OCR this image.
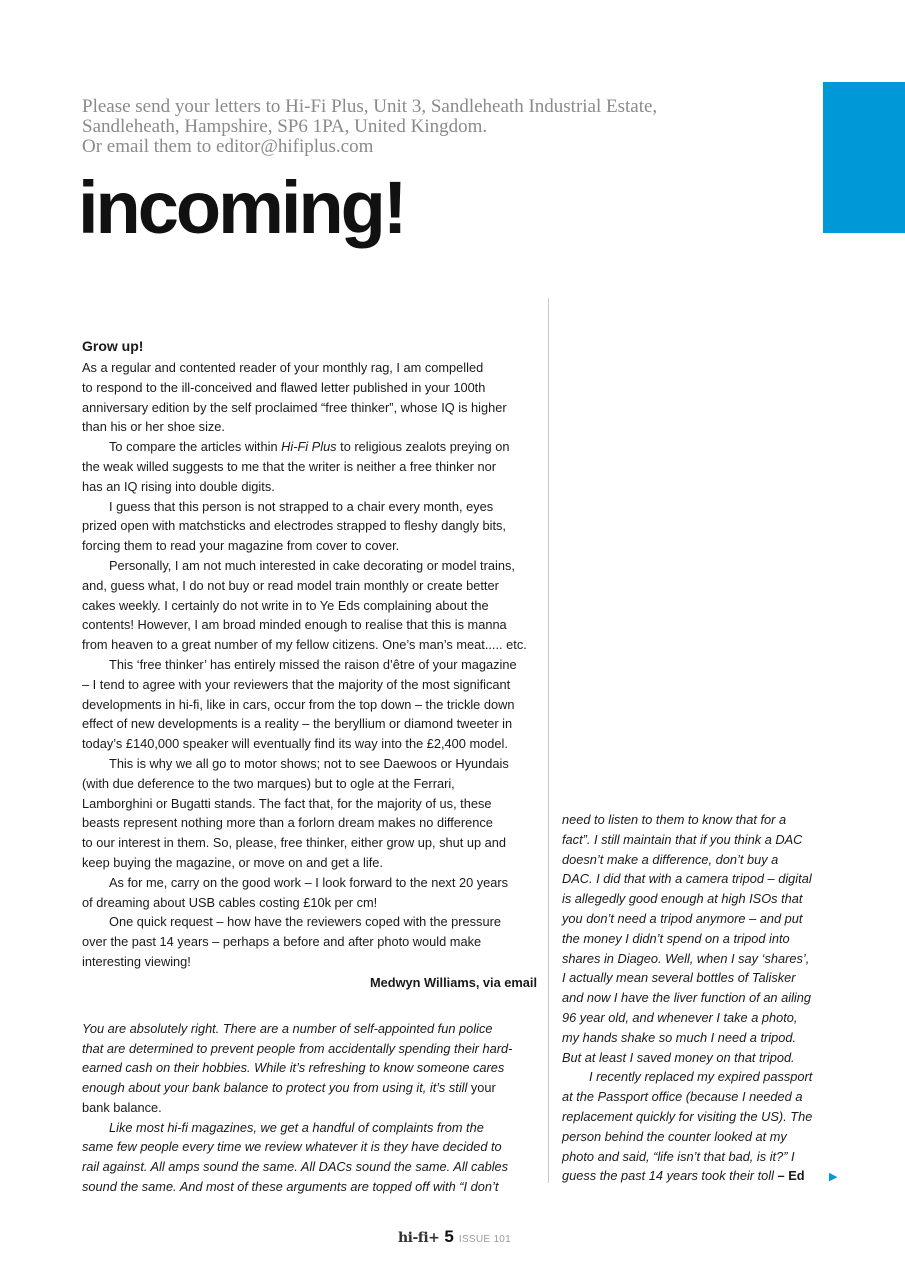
Please send your letters to Hi-Fi Plus, Unit 3, Sandleheath Industrial Estate,
Sandleheath, Hampshire, SP6 1PA, United Kingdom.
Or email them to editor@hifiplus.com
incoming!
Grow up!
As a regular and contented reader of your monthly rag, I am compelled
to respond to the ill-conceived and flawed letter published in your 100th
anniversary edition by the self proclaimed “free thinker”, whose IQ is higher
than his or her shoe size.
To compare the articles within Hi-Fi Plus to religious zealots preying on
the weak willed suggests to me that the writer is neither a free thinker nor
has an IQ rising into double digits.
I guess that this person is not strapped to a chair every month, eyes
prized open with matchsticks and electrodes strapped to fleshy dangly bits,
forcing them to read your magazine from cover to cover.
Personally, I am not much interested in cake decorating or model trains,
and, guess what, I do not buy or read model train monthly or create better
cakes weekly. I certainly do not write in to Ye Eds complaining about the
contents! However, I am broad minded enough to realise that this is manna
from heaven to a great number of my fellow citizens. One’s man’s meat..... etc.
This ‘free thinker’ has entirely missed the raison d’être of your magazine
– I tend to agree with your reviewers that the majority of the most significant
developments in hi-fi, like in cars, occur from the top down – the trickle down
effect of new developments is a reality – the beryllium or diamond tweeter in
today’s £140,000 speaker will eventually find its way into the £2,400 model.
This is why we all go to motor shows; not to see Daewoos or Hyundais
(with due deference to the two marques) but to ogle at the Ferrari,
Lamborghini or Bugatti stands. The fact that, for the majority of us, these
beasts represent nothing more than a forlorn dream makes no difference
to our interest in them. So, please, free thinker, either grow up, shut up and
keep buying the magazine, or move on and get a life.
As for me, carry on the good work – I look forward to the next 20 years
of dreaming about USB cables costing £10k per cm!
One quick request – how have the reviewers coped with the pressure
over the past 14 years – perhaps a before and after photo would make
interesting viewing!
Medwyn Williams, via email
You are absolutely right. There are a number of self-appointed fun police
that are determined to prevent people from accidentally spending their hard-
earned cash on their hobbies. While it’s refreshing to know someone cares
enough about your bank balance to protect you from using it, it’s still your
bank balance.
Like most hi-fi magazines, we get a handful of complaints from the
same few people every time we review whatever it is they have decided to
rail against. All amps sound the same. All DACs sound the same. All cables
sound the same. And most of these arguments are topped off with “I don’t
need to listen to them to know that for a
fact”. I still maintain that if you think a DAC
doesn’t make a difference, don’t buy a
DAC. I did that with a camera tripod – digital
is allegedly good enough at high ISOs that
you don’t need a tripod anymore – and put
the money I didn’t spend on a tripod into
shares in Diageo. Well, when I say ‘shares’,
I actually mean several bottles of Talisker
and now I have the liver function of an ailing
96 year old, and whenever I take a photo,
my hands shake so much I need a tripod.
But at least I saved money on that tripod.
I recently replaced my expired passport
at the Passport office (because I needed a
replacement quickly for visiting the US). The
person behind the counter looked at my
photo and said, “life isn’t that bad, is it?” I
guess the past 14 years took their toll – Ed	▶
hi-fi+ 5 ISSUE 101
